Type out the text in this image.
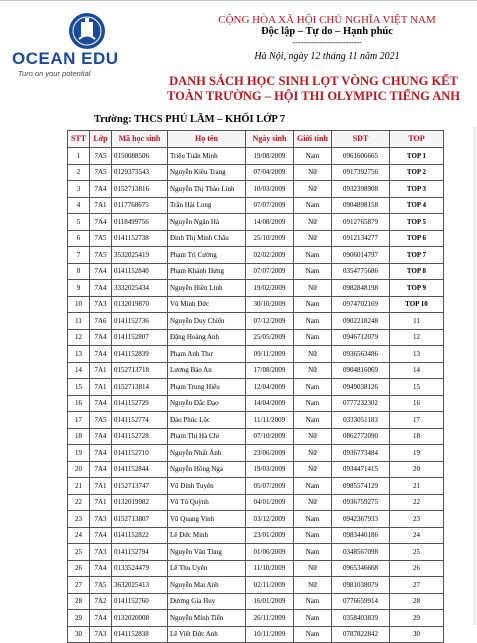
OCEAN EDU
Turn on your potential
CỘNG HÒA XÃ HỘI CHỦ NGHĨA VIỆT NAM
Độc lập – Tự do – Hạnh phúc
--------------------------
Hà Nội, ngày 12 tháng 11 năm 2021
DANH SÁCH HỌC SINH LỌT VÒNG CHUNG KẾT
TOÀN TRƯỜNG – HỘI THI OLYMPIC TIẾNG ANH
Trường: THCS PHÚ LÃM – KHỐI LỚP 7
STT	Lớp	Mã học sinh	Họ tên	Ngày sinh	Giới tính	SĐT	TOP
1	7A5	0150088506	Triệu Tuấn Minh	19/08/2009	Nam	0961606665	TOP 1
2	7A5	0129373543	Nguyễn Kiều Trang	07/04/2009	Nữ	0917392756	TOP 2
3	7A4	0152713816	Nguyễn Thị Thảo Linh	10/03/2009	Nữ	0932398908	TOP 3
4	7A1	0117768675	Trần Hải Long	07/07/2009	Nam	0904898158	TOP 4
5	7A4	0118499756	Nguyễn Ngân Hà	14/08/2009	Nữ	0912765879	TOP 5
6	7A5	0141152738	Đinh Thị Minh Châu	25/10/2009	Nữ	0912134277	TOP 6
7	7A5	3532025419	Phạm Trí Cường	02/02/2009	Nam	0906014797	TOP 7
8	7A4	0141152840	Phạm Khánh Hưng	07/07/2009	Nam	0354775686	TOP 8
9	7A4	3332025434	Nguyễn Hiền Linh	19/02/2009	Nữ	0982848198	TOP 9
10	7A3	0132019870	Vũ Minh Đức	30/10/2009	Nam	0974702169	TOP 10
11	7A6	0141152736	Nguyễn Duy Chiến	07/12/2009	Nam	0902218248	11
12	7A4	0141152807	Đặng Hoàng Anh	25/05/2009	Nam	0946712079	12
13	7A4	0141152839	Phạm Anh Thư	09/11/2009	Nữ	0936563486	13
14	7A1	0152713718	Lương Bảo An	17/08/2009	Nữ	0904816069	14
15	7A1	0152713814	Phạm Trung Hiếu	12/04/2009	Nam	0949038126	15
16	7A4	0141152729	Nguyễn Đắc Đạo	14/04/2009	Nam	0777232302	16
17	7A5	0141152774	Đào Phúc Lộc	11/11/2009	Nam	0333051183	17
18	7A4	0141152728	Phạm Thị Hà Chi	07/10/2009	Nữ	0862772090	18
19	7A4	0141152710	Nguyễn Nhất Ánh	23/06/2009	Nữ	0936773484	19
20	7A4	0141152844	Nguyễn Hồng Nga	19/03/2009	Nữ	0934471415	20
21	7A1	0152713747	Vũ Đình Tuyển	05/07/2009	Nam	0985574129	21
22	7A1	0132019982	Vũ Tú Quỳnh	04/01/2009	Nữ	0936759275	22
23	7A3	0152713807	Vũ Quang Vinh	03/12/2009	Nam	0942367933	23
24	7A4	0141152822	Lê Đức Minh	23/01/2009	Nam	0983440186	24
25	7A3	0141152794	Nguyễn Văn Tùng	01/06/2009	Nam	0348567098	25
26	7A4	0133524479	Lê Thu Uyên	11/10/2009	Nữ	0965346668	26
27	7A5	3632025413	Nguyễn Mai Anh	02/11/2009	Nữ	0981038079	27
28	7A2	0141152760	Dương Gia Huy	16/01/2009	Nam	0776659914	28
29	7A4	0132020008	Nguyễn Minh Tiến	26/11/2009	Nam	0358403839	29
30	7A3	0141152838	Lê Viết Đức Anh	10/11/2009	Nam	0787822842	30
